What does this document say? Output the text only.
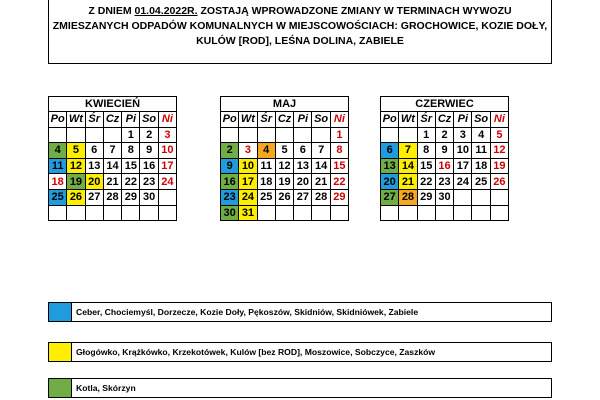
Z DNIEM 01.04.2022R. ZOSTAJĄ WPROWADZONE ZMIANY W TERMINACH WYWOZU
ZMIESZANYCH ODPADÓW KOMUNALNYCH W MIEJSCOWOŚCIACH: GROCHOWICE, KOZIE DOŁY,
KULÓW [ROD], LEŚNA DOLINA, ZABIELE
KWIECIEŃ						
Po	Wt	Śr	Cz	Pi	So	Ni
				1	2	3
4	5	6	7	8	9	10
11	12	13	14	15	16	17
18	19	20	21	22	23	24
25	26	27	28	29	30	

MAJ						
Po	Wt	Śr	Cz	Pi	So	Ni
						1
2	3	4	5	6	7	8
9	10	11	12	13	14	15
16	17	18	19	20	21	22
23	24	25	26	27	28	29
30	31					
CZERWIEC						
Po	Wt	Śr	Cz	Pi	So	Ni
		1	2	3	4	5
6	7	8	9	10	11	12
13	14	15	16	17	18	19
20	21	22	23	24	25	26
27	28	29	30			

Ceber, Chociemyśl, Dorzecze, Kozie Doły, Pękoszów, Skidniów, Skidniówek, Zabiele
Głogówko, Krążkówko, Krzekotówek, Kulów [bez ROD], Moszowice, Sobczyce, Zaszków
Kotla, Skórzyn
